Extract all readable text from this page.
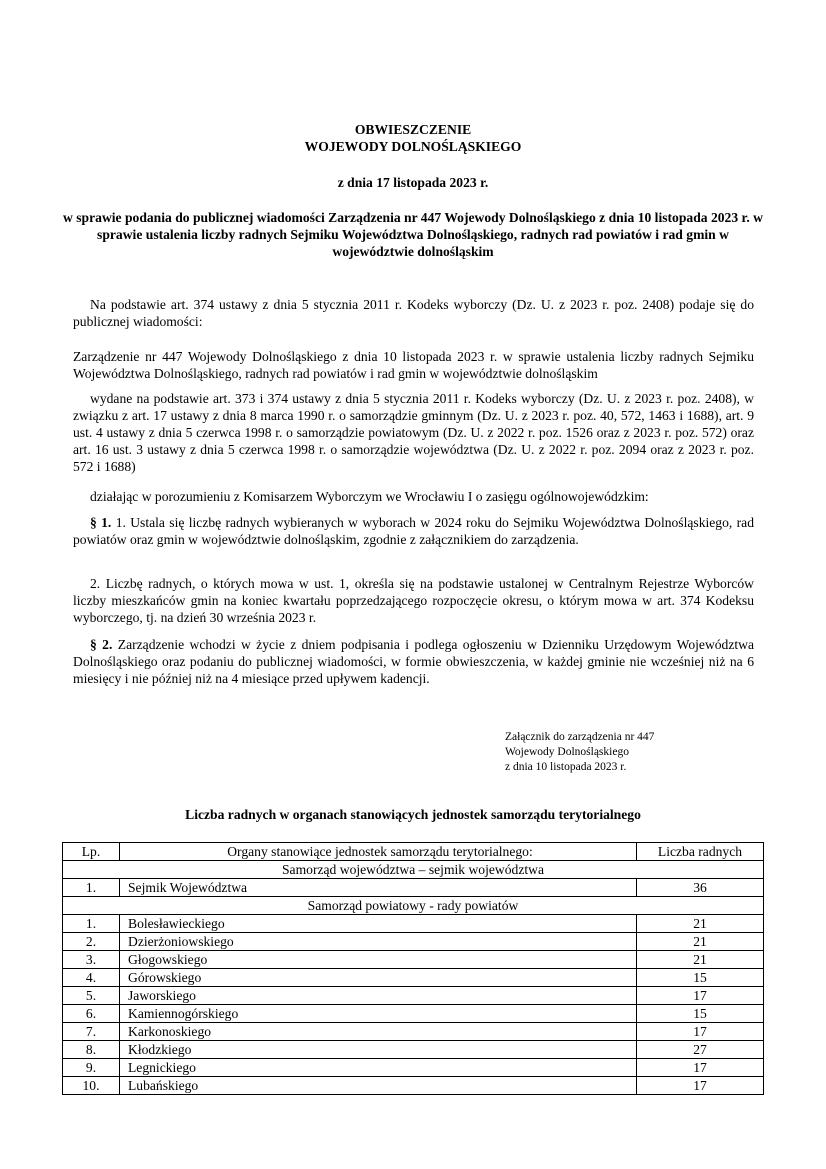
OBWIESZCZENIE
WOJEWODY DOLNOŚLĄSKIEGO
z dnia 17 listopada 2023 r.
w sprawie podania do publicznej wiadomości Zarządzenia nr 447 Wojewody Dolnośląskiego z dnia 10 listopada 2023 r. w sprawie ustalenia liczby radnych Sejmiku Województwa Dolnośląskiego, radnych rad powiatów i rad gmin w województwie dolnośląskim
Na podstawie art. 374 ustawy z dnia 5 stycznia 2011 r. Kodeks wyborczy (Dz. U. z 2023 r. poz. 2408) podaje się do publicznej wiadomości:
Zarządzenie nr 447 Wojewody Dolnośląskiego z dnia 10 listopada 2023 r. w sprawie ustalenia liczby radnych Sejmiku Województwa Dolnośląskiego, radnych rad powiatów i rad gmin w województwie dolnośląskim
wydane na podstawie art. 373 i 374 ustawy z dnia 5 stycznia 2011 r. Kodeks wyborczy (Dz. U. z 2023 r. poz. 2408), w związku z art. 17 ustawy z dnia 8 marca 1990 r. o samorządzie gminnym (Dz. U. z 2023 r. poz. 40, 572, 1463 i 1688), art. 9 ust. 4 ustawy z dnia 5 czerwca 1998 r. o samorządzie powiatowym (Dz. U. z 2022 r. poz. 1526 oraz z 2023 r. poz. 572) oraz art. 16 ust. 3 ustawy z dnia 5 czerwca 1998 r. o samorządzie województwa (Dz. U. z 2022 r. poz. 2094 oraz z 2023 r. poz. 572 i 1688)
działając w porozumieniu z Komisarzem Wyborczym we Wrocławiu I o zasięgu ogólnowojewódzkim:
§ 1. 1. Ustala się liczbę radnych wybieranych w wyborach w 2024 roku do Sejmiku Województwa Dolnośląskiego, rad powiatów oraz gmin w województwie dolnośląskim, zgodnie z załącznikiem do zarządzenia.
2. Liczbę radnych, o których mowa w ust. 1, określa się na podstawie ustalonej w Centralnym Rejestrze Wyborców liczby mieszkańców gmin na koniec kwartału poprzedzającego rozpoczęcie okresu, o którym mowa w art. 374 Kodeksu wyborczego, tj. na dzień 30 września 2023 r.
§ 2. Zarządzenie wchodzi w życie z dniem podpisania i podlega ogłoszeniu w Dzienniku Urzędowym Województwa Dolnośląskiego oraz podaniu do publicznej wiadomości, w formie obwieszczenia, w każdej gminie nie wcześniej niż na 6 miesięcy i nie później niż na 4 miesiące przed upływem kadencji.
Załącznik do zarządzenia nr 447
Wojewody Dolnośląskiego
z dnia 10 listopada 2023 r.
Liczba radnych w organach stanowiących jednostek samorządu terytorialnego
Lp.	Organy stanowiące jednostek samorządu terytorialnego:	Liczba radnych
Samorząd województwa – sejmik województwa		
1.	Sejmik Województwa	36
Samorząd powiatowy - rady powiatów		
1.	Bolesławieckiego	21
2.	Dzierżoniowskiego	21
3.	Głogowskiego	21
4.	Górowskiego	15
5.	Jaworskiego	17
6.	Kamiennogórskiego	15
7.	Karkonoskiego	17
8.	Kłodzkiego	27
9.	Legnickiego	17
10.	Lubańskiego	17
